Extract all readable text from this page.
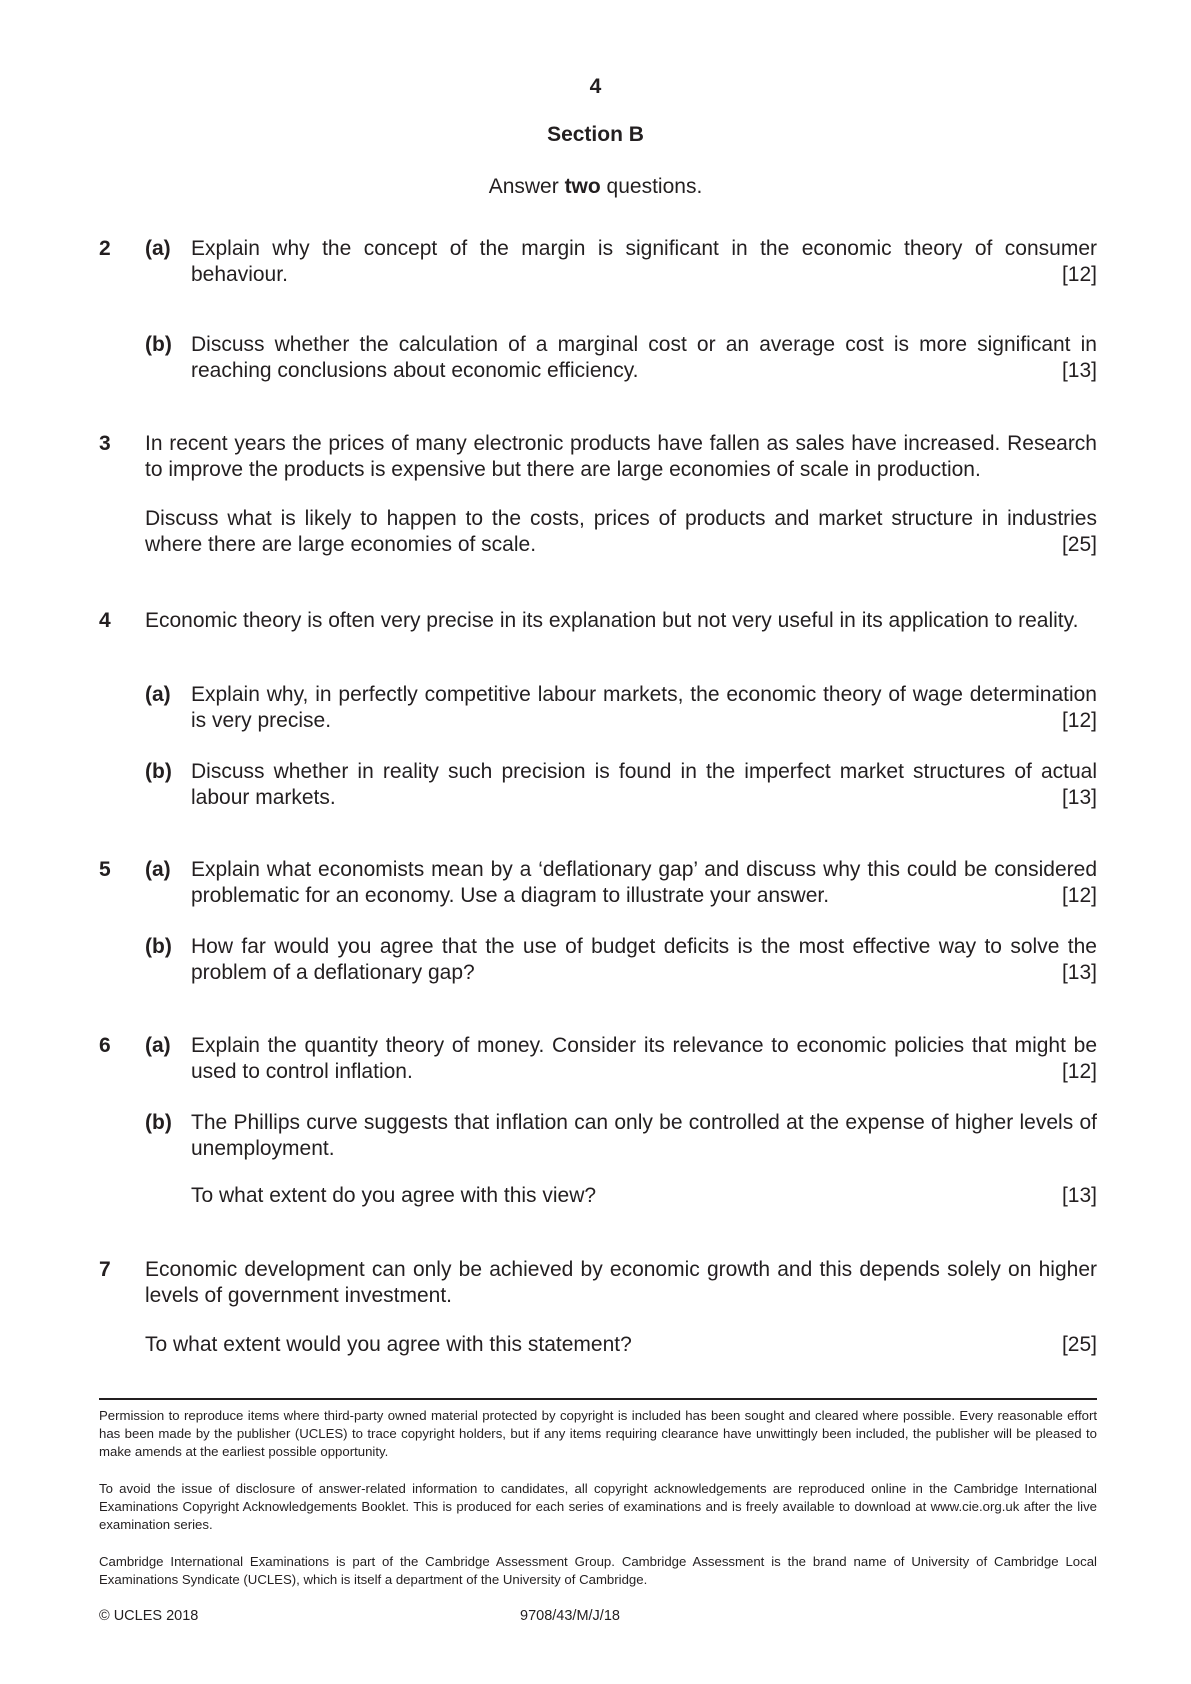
4
Section B
Answer two questions.
2 (a) Explain why the concept of the margin is significant in the economic theory of consumer behaviour.	[12]
(b) Discuss whether the calculation of a marginal cost or an average cost is more significant in reaching conclusions about economic efficiency.	[13]
3 In recent years the prices of many electronic products have fallen as sales have increased. Research to improve the products is expensive but there are large economies of scale in production.
Discuss what is likely to happen to the costs, prices of products and market structure in industries where there are large economies of scale.	[25]
4 Economic theory is often very precise in its explanation but not very useful in its application to reality.
(a) Explain why, in perfectly competitive labour markets, the economic theory of wage determination is very precise.	[12]
(b) Discuss whether in reality such precision is found in the imperfect market structures of actual labour markets.	[13]
5 (a) Explain what economists mean by a ‘deflationary gap’ and discuss why this could be considered problematic for an economy. Use a diagram to illustrate your answer.	[12]
(b) How far would you agree that the use of budget deficits is the most effective way to solve the problem of a deflationary gap?	[13]
6 (a) Explain the quantity theory of money. Consider its relevance to economic policies that might be used to control inflation.	[12]
(b) The Phillips curve suggests that inflation can only be controlled at the expense of higher levels of unemployment.
To what extent do you agree with this view?	[13]
7 Economic development can only be achieved by economic growth and this depends solely on higher levels of government investment.
To what extent would you agree with this statement?	[25]
Permission to reproduce items where third-party owned material protected by copyright is included has been sought and cleared where possible. Every reasonable effort has been made by the publisher (UCLES) to trace copyright holders, but if any items requiring clearance have unwittingly been included, the publisher will be pleased to make amends at the earliest possible opportunity.
To avoid the issue of disclosure of answer-related information to candidates, all copyright acknowledgements are reproduced online in the Cambridge International Examinations Copyright Acknowledgements Booklet. This is produced for each series of examinations and is freely available to download at www.cie.org.uk after the live examination series.
Cambridge International Examinations is part of the Cambridge Assessment Group. Cambridge Assessment is the brand name of University of Cambridge Local Examinations Syndicate (UCLES), which is itself a department of the University of Cambridge.
© UCLES 2018	9708/43/M/J/18
